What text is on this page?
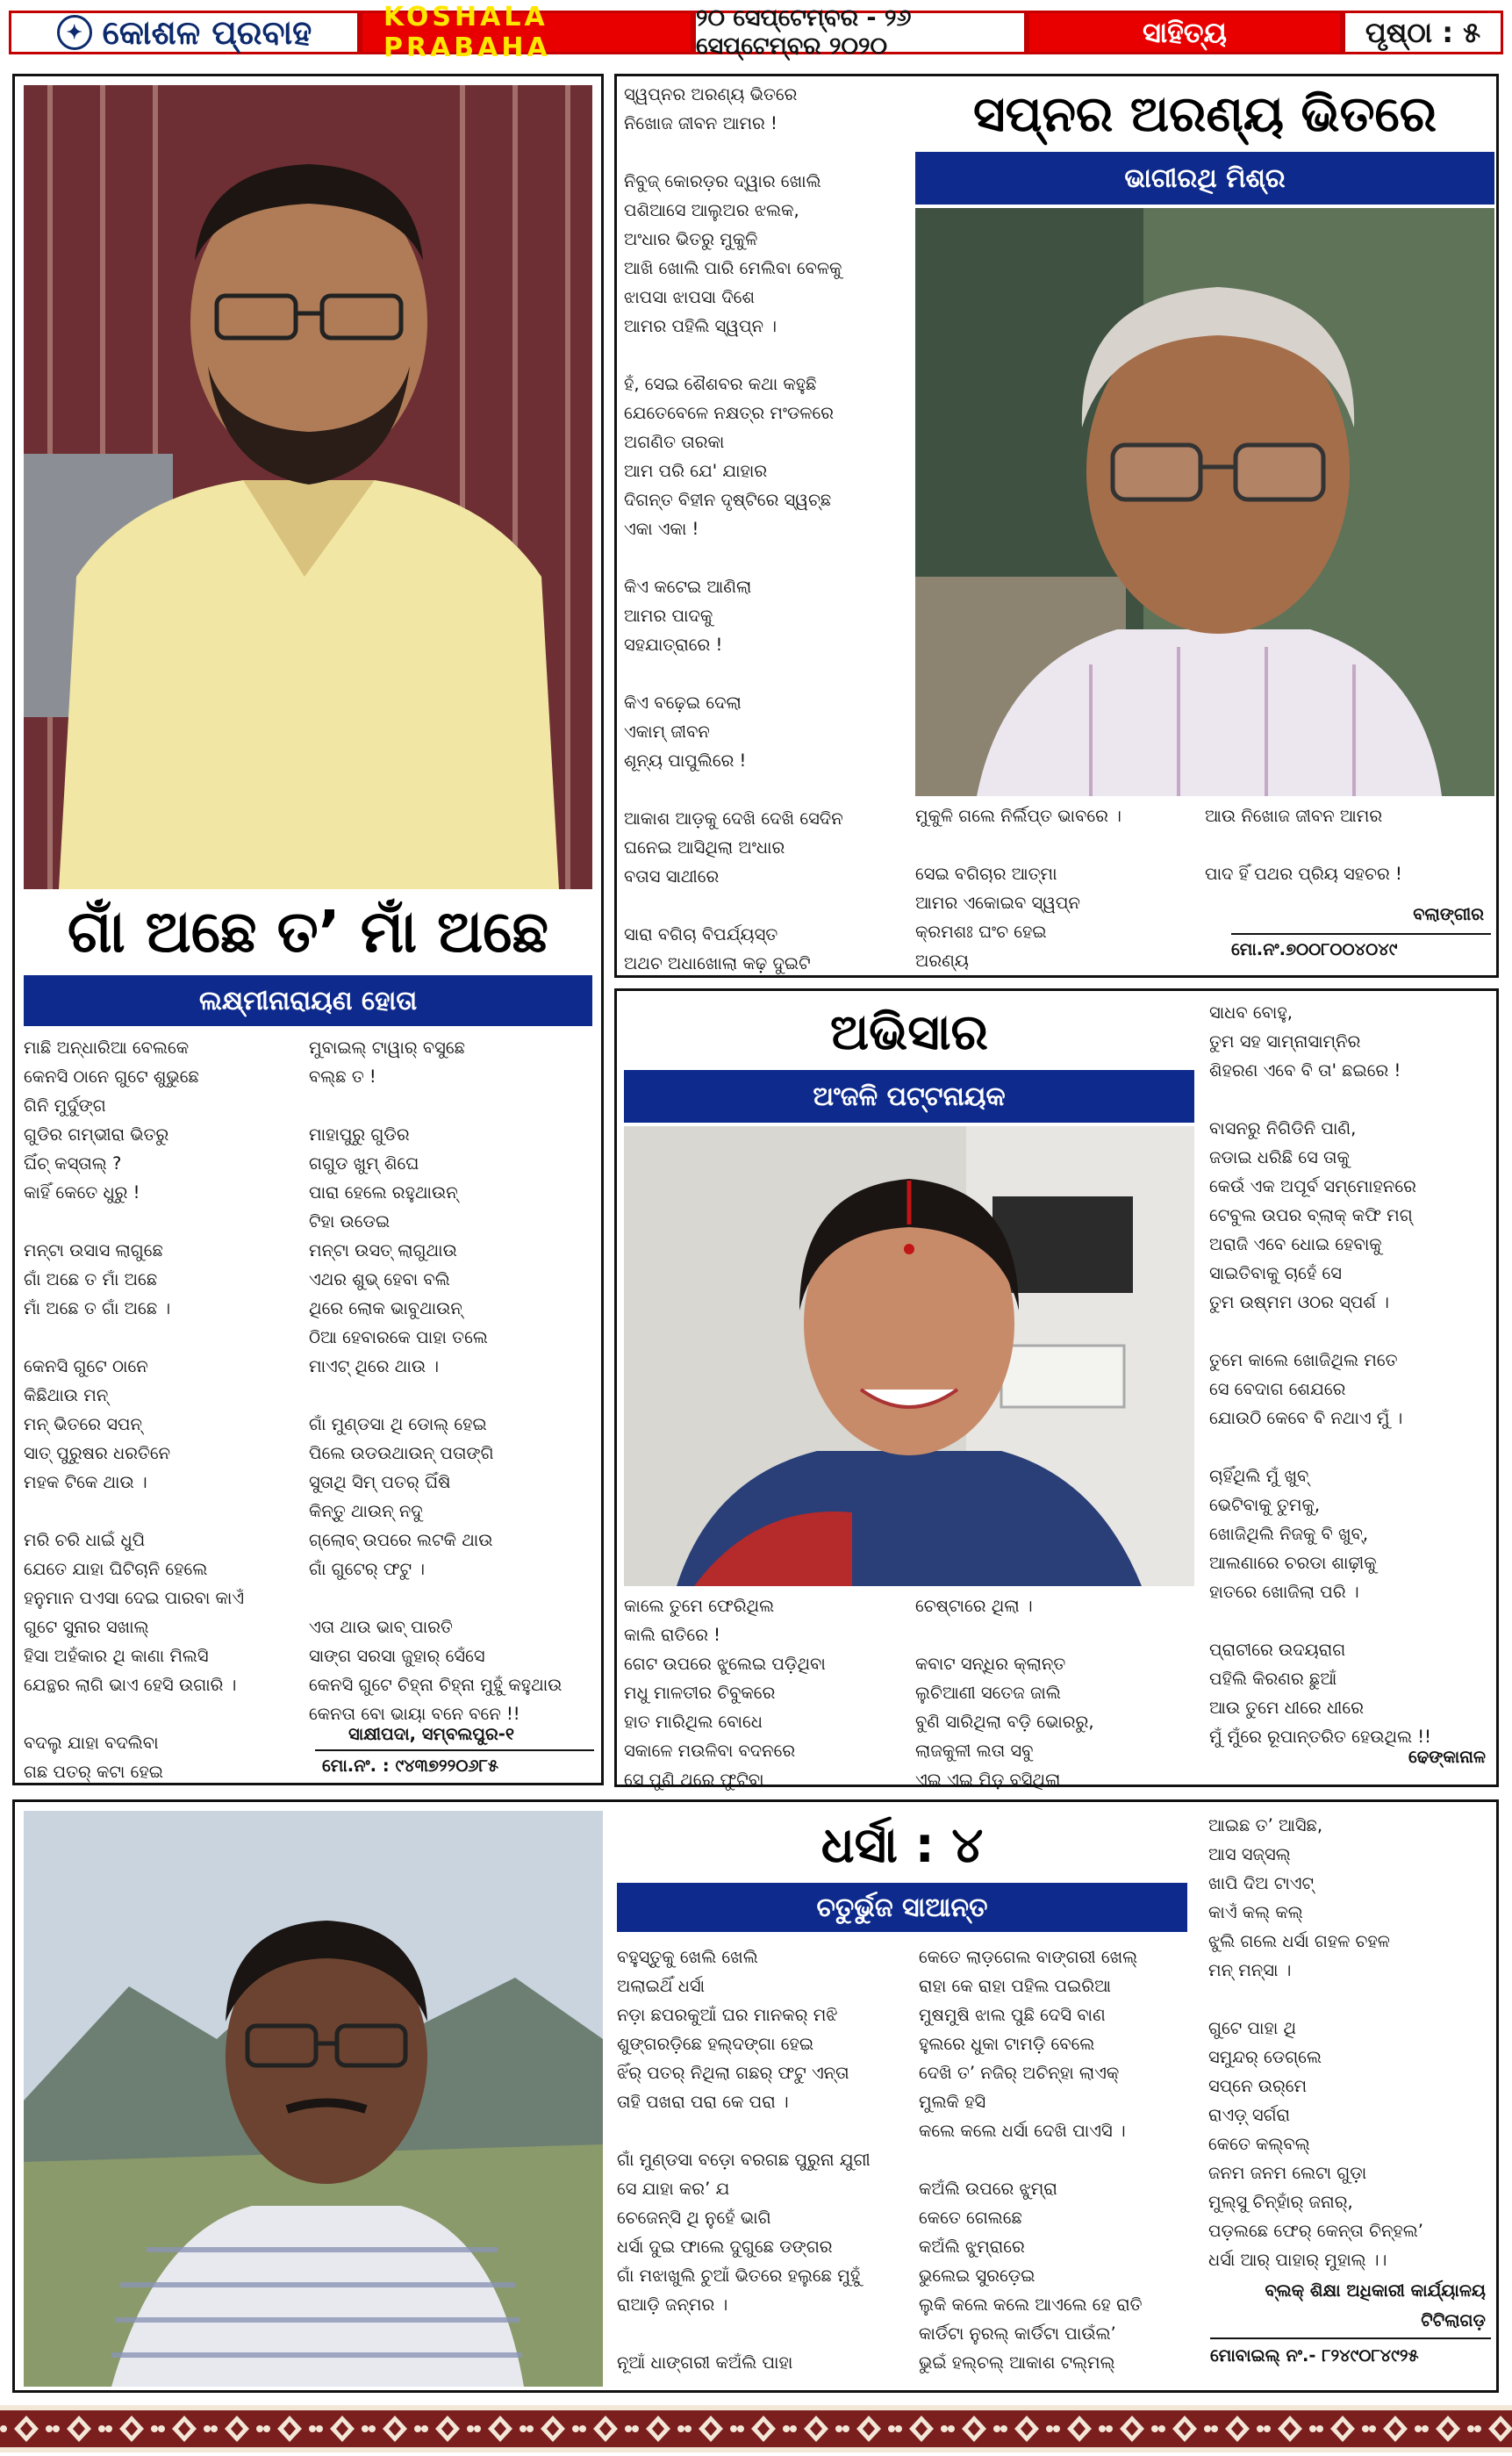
✦ କୋଶଳ ପ୍ରବାହ	KOSHALA PRABAHA
୨୦ ସେପ୍ଟେମ୍ବର - ୨୬ ସେପ୍ଟେମ୍ବର ୨୦୨୦	ସାହିତ୍ୟ	ପୃଷ୍ଠା : ୫
ଗାଁ ଅଛେ ତ’ ମାଁ ଅଛେ
ଲକ୍ଷ୍ମୀନାରାୟଣ ହୋତା
ମାଛି ଅନ୍ଧାରିଆ ବେଲକେ
କେନସି ଠାନେ ଗୁଟେ ଶୁଭୁଛେ
ଗିନି ମୁର୍ଦୁଙ୍ଗ
ଗୁଡିର ଗମ୍ଭୀରା ଭିତରୁ
ଘିଁଚ୍ କସ୍ତାଲ୍ ?
କାହିଁ କେତେ ଧୁରୁ !

ମନ୍ଟା ଉସାସ ଲାଗୁଛେ
ଗାଁ ଅଛେ ତ ମାଁ ଅଛେ
ମାଁ ଅଛେ ତ ଗାଁ ଅଛେ ।

କେନସି ଗୁଟେ ଠାନେ
କିଛିଥାଉ ମନ୍
ମନ୍ ଭିତରେ ସପନ୍
ସାତ୍ ପୁରୁଷର ଧରତିନେ
ମହକ ଟିକେ ଥାଉ ।

ମରି ଚରି ଧାଇଁ ଧୁପି
ଯେତେ ଯାହା ଘିଟିଚାନି ହେଲେ
ହନୁମାନ ପଏସା ଦେଇ ପାରବା କାଏଁ
ଗୁଟେ ସୁନାର ସଖାଲ୍
ହିସା ଅହଁକାର ଥି କାଣା ମିଲସି
ଯେନ୍ଥର ଲାଗି ଭାଏ ହେସି ଉଗାରି ।

ବଦଲୁ ଯାହା ବଦଲିବା
ଗଛ ପତର୍ କଟା ହେଇ
ମୁବାଇଲ୍ ଟାୱାର୍ ବସୁଛେ
ବଲ୍ଛ ତ !

ମାହାପୁରୁ ଗୁଡିର
ଗଗୁଡ ଖୁମ୍ ଶିଘେ
ପାରା ହେଲେ ରହୁଥାଉନ୍
ଟିହା ଉଡେଇ
ମନ୍ଟା ଉସତ୍ ଲାଗୁଥାଉ
ଏଥର ଶୁଭ୍ ହେବା ବଲି
ଥିରେ ଲୋକ ଭାବୁଥାଉନ୍
ଠିଆ ହେବାରକେ ପାହା ତଲେ
ମାଏଟ୍ ଥିରେ ଥାଉ ।

ଗାଁ ମୁଣ୍ଡସା ଥି ଡୋଲ୍ ହେଇ
ପିଲେ ଉଡଉଥାଉନ୍ ପତାଙ୍ଗି
ସୁତାଥି ସିମ୍ ପତର୍ ଘିଁଷି
କିନ୍ତୁ ଥାଉନ୍ ନଦୁ
ଗ୍ଲୋବ୍ ଉପରେ ଲଟକି ଥାଉ
ଗାଁ ଗୁଟେର୍ ଫଟୁ ।

ଏତା ଥାଉ ଭାବ୍ ପାରତି
ସାଙ୍ଗ ସରସା ଜୁହାର୍ ସେଁସେ
କେନସି ଗୁଟେ ଚିହ୍ନା ଚିହ୍ନା ମୁହୁଁ କହୁଥାଉ
କେନତା ବୋ ଭାୟା ବନେ ବନେ !!
ସାକ୍ଷୀପଦା, ସମ୍ବଲପୁର-୧
ମୋ.ନଂ. : ୯୪୩୭୨୨୦୬୮୫
ସ୍ୱପ୍ନର ଅରଣ୍ୟ ଭିତରେ
ନିଖୋଜ ଜୀବନ ଆମର !

ନିବୁଜ୍ କୋରଡ଼ର ଦ୍ୱାର ଖୋଲି
ପଶିଆସେ ଆଲୁଅର ଝଲକ,
ଅଂଧାର ଭିତରୁ ମୁକୁଳି
ଆଖି ଖୋଲି ପାରି ମେଲିବା ବେଳକୁ
ଝାପସା ଝାପସା ଦିଶେ
ଆମର ପହିଲି ସ୍ୱପ୍ନ ।

ହଁ, ସେଇ ଶୈଶବର କଥା କହୁଛି
ଯେତେବେଳେ ନକ୍ଷତ୍ର ମଂଡଳରେ
ଅଗଣିତ ତାରକା
ଆମ ପରି ଯେ' ଯାହାର
ଦିଗନ୍ତ ବିହୀନ ଦୃଷ୍ଟିରେ ସ୍ୱଚ୍ଛ
ଏକା ଏକା !

କିଏ କଟେଇ ଆଣିଲା
ଆମର ପାଦକୁ
ସହଯାତ୍ରାରେ !

କିଏ ବଢ଼େଇ ଦେଲା
ଏକାମ୍ ଜୀବନ
ଶୂନ୍ୟ ପାପୁଲିରେ !

ଆକାଶ ଆଡ଼କୁ ଦେଖି ଦେଖି ସେଦିନ
ଘନେଇ ଆସିଥିଲା ଅଂଧାର
ବତାସ ସାଥୀରେ

ସାରା ବଗିଚା ବିପର୍ଯ୍ୟସ୍ତ
ଅଥଚ ଅଧାଖୋଲା କଢ଼ ଦୁଇଟି
ସପ୍ନର ଅରଣ୍ୟ ଭିତରେ
ଭାଗୀରଥି ମିଶ୍ର
ମୁକୁଳି ଗଲେ ନିର୍ଲିପ୍ତ ଭାବରେ ।

ସେଇ ବଗିଚାର ଆତ୍ମା
ଆମର ଏକୋଇବ ସ୍ୱପ୍ନ
କ୍ରମଶଃ ଘଂଚ ହେଇ
ଅରଣ୍ୟ
ଆଉ ନିଖୋଜ ଜୀବନ ଆମର

ପାଦ ହିଁ ପଥର ପ୍ରିୟ ସହଚର !
ବଲାଙ୍ଗୀର
ମୋ.ନଂ.୭୦୦୮୦୦୪୦୪୯
ଅଭିସାର
ଅଂଜଳି ପଟ୍ଟନାୟକ
କାଲେ ତୁମେ ଫେରିଥିଲ
କାଲି ରାତିରେ !
ଗେଟ ଉପରେ ଝୁଲେଇ ପଡ଼ିଥିବା
ମଧୁ ମାଳତୀର ଚିବୁକରେ
ହାତ ମାରିଥିଲ ବୋଧେ
ସକାଳେ ମଉଳିବା ବଦନରେ
ସେ ପୁଣି ଥରେ ଫୁଟିବା
ଚେଷ୍ଟାରେ ଥିଲା ।

କବାଟ ସନ୍ଧିର କ୍ଲାନ୍ତ
ଲୁଚିଆଣୀ ସତେଜ ଜାଲି
ବୁଣି ସାରିଥିଲା ବଡ଼ି ଭୋରରୁ,
ଲାଜକୁଳୀ ଲତା ସବୁ
ଏଇ ଏଇ ମିଡ଼ ବସିଥିଲା
ସାଧବ ବୋହୁ,
ତୁମ ସହ ସାମ୍ନାସାମ୍ନିର
ଶିହରଣ ଏବେ ବି ତା' ଛଇରେ !

ବାସନରୁ ନିଗିଡିନି ପାଣି,
ଜଡାଇ ଧରିଛି ସେ ତାକୁ
କେଉଁ ଏକ ଅପୂର୍ବ ସମ୍ମୋହନରେ
ଟେବୁଲ ଉପର ବ୍ଲାକ୍ କଫି ମଗ୍
ଅରାଜି ଏବେ ଧୋଇ ହେବାକୁ
ସାଇତିବାକୁ ଚାହେଁ ସେ
ତୁମ ଉଷ୍ମମ ଓଠର ସ୍ପର୍ଶ ।

ତୁମେ କାଲେ ଖୋଜିଥିଲ ମତେ
ସେ ବେଦାଗ ଶେଯରେ
ଯୋଉଠି କେବେ ବି ନଥାଏ ମୁଁ ।

ଚାହିଁଥିଲି ମୁଁ ଖୁବ୍
ଭେଟିବାକୁ ତୁମକୁ,
ଖୋଜିଥିଲି ନିଜକୁ ବି ଖୁବ୍,
ଆଲଣାରେ ଚରଡା ଶାଢ଼ୀକୁ
ହାତରେ ଖୋଜିଲା ପରି ।

ପ୍ରାଚୀରେ ଉଦୟରାଗ
ପହିଲି କିରଣର ଛୁଆଁ
ଆଉ ତୁମେ ଧୀରେ ଧୀରେ
ମୁଁ ମୁଁରେ ରୂପାନ୍ତରିତ ହେଉଥିଲ !!
ଢେଙ୍କାନାଳ
ଧର୍ସା : ୪
ଚତୁର୍ଭୁଜ ସାଆନ୍ତ
ବହୁସ୍ତୁକୁ ଖେଲି ଖେଲି
ଅଲାଇଥିଁ ଧର୍ସା
ନଡ଼ା ଛପରକୁଆଁ ଘର ମାନକର୍ ମଝି
ଶୁଙ୍ଗରଡ଼ିଛେ ହଲ୍ଦଙ୍ଗା ହେଇ
ଝିଁର୍ ପତର୍ ନିଥିଲା ଗଛର୍ ଫଟୁ ଏନ୍ତା
ତାହି ପଖରା ପରା କେ ପରା ।

ଗାଁ ମୁଣ୍ଡସା ବଡ଼ୋ ବରଗଛ ପୁରୁନା ଯୁଗୀ
ସେ ଯାହା କର’ ଯ
ଚେଜେନ୍ସି ଥି ନୁହେଁ ଭାଗି
ଧର୍ସା ଦୁଇ ଫାଲେ ଦୁଗୁଛେ ଡଙ୍ଗର
ଗାଁ ମଝାଖୁଲି ଚୁଆଁ ଭିତରେ ହଲୁଛେ ମୁହୁଁ
ରାଆଡ଼ି ଜନ୍ମର ।

ନୂଆଁ ଧାଙ୍ଗରୀ କଅଁଲି ପାହା
କେତେ ଲାଡ଼ଗେଲ ବାଙ୍ଗରୀ ଖେଲ୍
ରାହା କେ ରାହା ପହିଲ ପଇରିଆ
ମୁଷମୁଷି ଝାଲ ପୁଛି ଦେସି ବାଣ
ହୁଲରେ ଧୁକା ଟାମଡ଼ି ବେଲେ
ଦେଖି ତ’ ନଜିର୍ ଅଚିନ୍ହା ଲାଏକ୍
ମୁଲକି ହସି
କଲେ କଲେ ଧର୍ସା ଦେଖି ପାଏସି ।

କଅଁଲି ଉପରେ ଝୁମ୍ରା
କେତେ ଗେଲଛେ
କଅଁଲି ଝୁମ୍ରାରେ
ଭୁଲେଇ ସୁରଡ଼େଇ
ଲୁକି କଲେ କଲେ ଆଏଲେ ହେ ରାତି
କାର୍ଡିଟା ନୁରଲ୍ କାର୍ଡିଟା ପାଉଁଲ’
ଭୁଇଁ ହଲ୍‌ଚଲ୍ ଆକାଶ ଟଲ୍‌ମଲ୍
ଆଇଛ ତ’ ଆସିଛ,
ଆସ ସଜ୍‌ସଲ୍
ଖାପି ଦିଅ ଟାଏଟ୍
କାଏଁ କଲ୍ କଲ୍
ଝୁଲି ଗଲେ ଧର୍ସା ଗହଳ ଚହଳ
ମନ୍ ମନ୍‌ସା ।

ଗୁଟେ ପାହା ଥି
ସମୁନ୍ଦର୍ ଡେଗ୍‌ଲେ
ସପ୍‌ନେ ଉର୍‌ମେ
ରାଏଡ଼୍ ସର୍ଗରା
କେତେ କଲ୍‌ବଲ୍
ଜନମ ଜନମ ଲେଟା ଗୁଡ଼ା
ମୁଲ୍‌ସୁ ଚିନ୍‌ହାଁର୍ ଜନାର୍,
ପଡ଼ଲଛେ ଫେର୍ କେନ୍ତା ଚିନ୍ହଲ’
ଧର୍ସା ଆର୍ ପାହାର୍ ମୁହାଲ୍ ।।
ବ୍ଲକ୍ ଶିକ୍ଷା ଅଧିକାରୀ କାର୍ଯ୍ୟାଳୟ
ଟିଟିଲାଗଡ଼
ମୋବାଇଲ୍ ନଂ.- ୮୨୪୯୦୮୪୯୨୫
